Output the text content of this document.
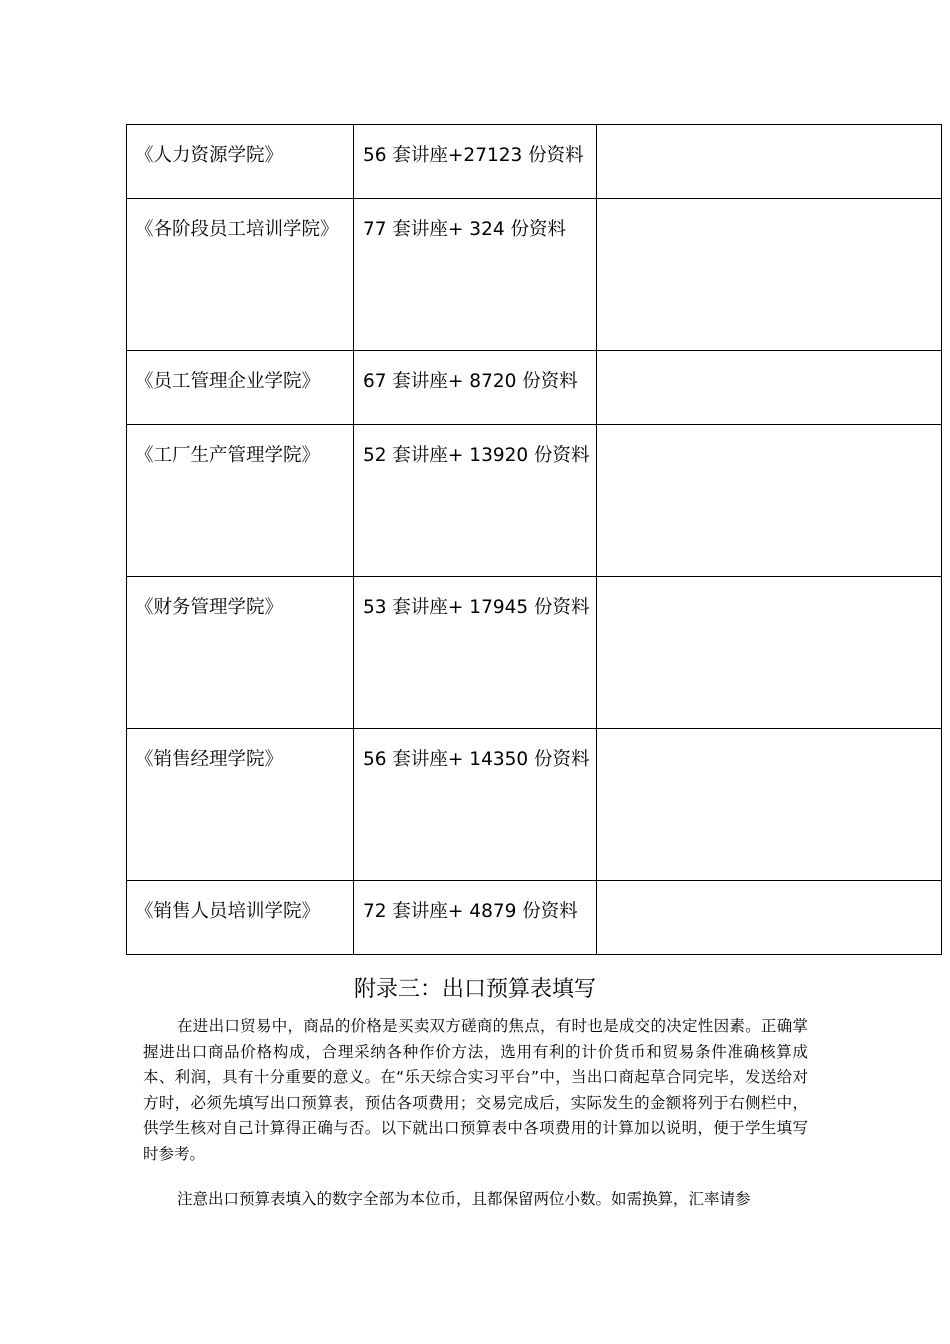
《人力资源学院》	56 套讲座+27123 份资料	

《各阶段员工培训学院》	77 套讲座+ 324 份资料	

《员工管理企业学院》	67 套讲座+ 8720 份资料	

《工厂生产管理学院》	52 套讲座+ 13920 份资料	

《财务管理学院》	53 套讲座+ 17945 份资料	

《销售经理学院》	56 套讲座+ 14350 份资料	

《销售人员培训学院》	72 套讲座+ 4879 份资料	

附录三：出口预算表填写

在进出口贸易中，商品的价格是买卖双方磋商的焦点，有时也是成交的决定性因素。正确掌握进出口商品价格构成，合理采纳各种作价方法，选用有利的计价货币和贸易条件准确核算成本、利润，具有十分重要的意义。在“乐天综合实习平台”中，当出口商起草合同完毕，发送给对方时，必须先填写出口预算表，预估各项费用；交易完成后，实际发生的金额将列于右侧栏中，供学生核对自己计算得正确与否。以下就出口预算表中各项费用的计算加以说明，便于学生填写时参考。

注意出口预算表填入的数字全部为本位币，且都保留两位小数。如需换算，汇率请参
